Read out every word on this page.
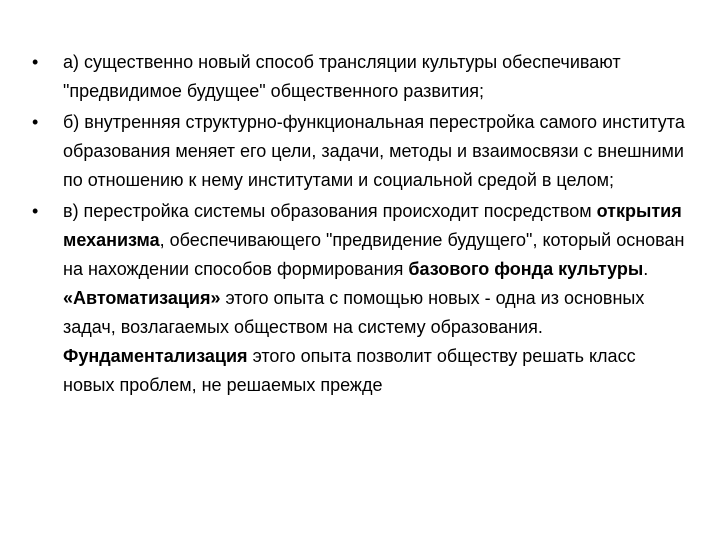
• а) существенно новый способ трансляции культуры обеспечивают "предвидимое будущее" общественного развития;
• б) внутренняя структурно-функциональная перестройка самого института образования меняет его цели, задачи, методы и взаимосвязи с внешними по отношению к нему институтами и социальной средой в целом;
• в) перестройка системы образования происходит посредством открытия механизма, обеспечивающего "предвидение будущего", который основан на нахождении способов формирования базового фонда культуры. «Автоматизация» этого опыта с помощью новых - одна из основных задач, возлагаемых обществом на систему образования. Фундаментализация этого опыта позволит обществу решать класс новых проблем, не решаемых прежде
